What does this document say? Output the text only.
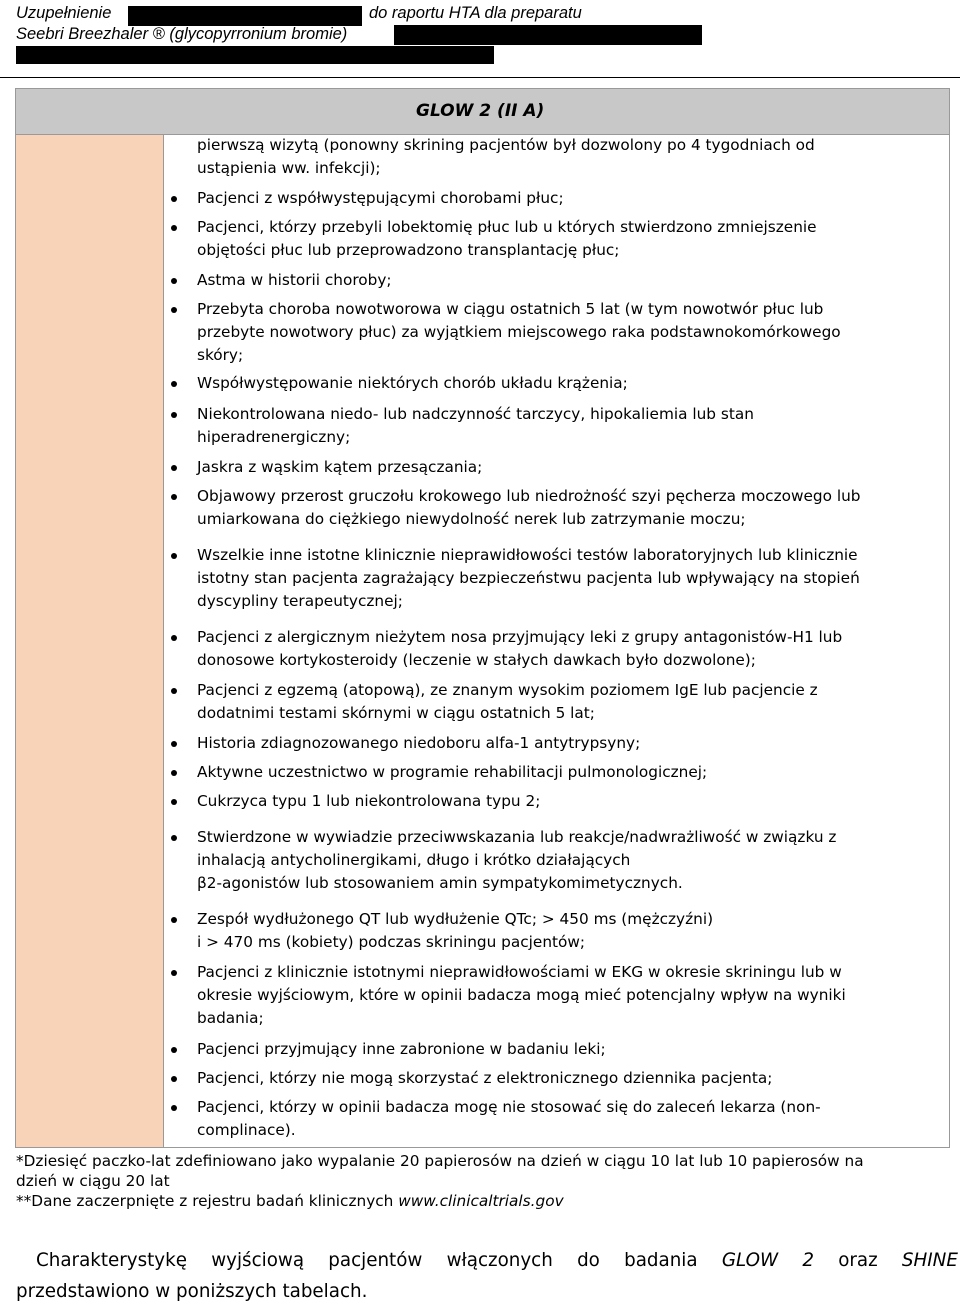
Uzupełnienie	do raportu HTA dla preparatu
Seebri Breezhaler ® (glycopyrronium bromie)
GLOW 2 (II A)
pierwszą wizytą (ponowny skrining pacjentów był dozwolony po 4 tygodniach od
ustąpienia ww. infekcji);
Pacjenci z współwystępującymi chorobami płuc;
Pacjenci, którzy przebyli lobektomię płuc lub u których stwierdzono zmniejszenie
objętości płuc lub przeprowadzono transplantację płuc;
Astma w historii choroby;
Przebyta choroba nowotworowa w ciągu ostatnich 5 lat (w tym nowotwór płuc lub
przebyte nowotwory płuc) za wyjątkiem miejscowego raka podstawnokomórkowego
skóry;
Współwystępowanie niektórych chorób układu krążenia;
Niekontrolowana niedo- lub nadczynność tarczycy, hipokaliemia lub stan
hiperadrenergiczny;
Jaskra z wąskim kątem przesączania;
Objawowy przerost gruczołu krokowego lub niedrożność szyi pęcherza moczowego lub
umiarkowana do ciężkiego niewydolność nerek lub zatrzymanie moczu;
Wszelkie inne istotne klinicznie nieprawidłowości testów laboratoryjnych lub klinicznie
istotny stan pacjenta zagrażający bezpieczeństwu pacjenta lub wpływający na stopień
dyscypliny terapeutycznej;
Pacjenci z alergicznym nieżytem nosa przyjmujący leki z grupy antagonistów-H1 lub
donosowe kortykosteroidy (leczenie w stałych dawkach było dozwolone);
Pacjenci z egzemą (atopową), ze znanym wysokim poziomem IgE lub pacjencie z
dodatnimi testami skórnymi w ciągu ostatnich 5 lat;
Historia zdiagnozowanego niedoboru alfa-1 antytrypsyny;
Aktywne uczestnictwo w programie rehabilitacji pulmonologicznej;
Cukrzyca typu 1 lub niekontrolowana typu 2;
Stwierdzone w wywiadzie przeciwwskazania lub reakcje/nadwrażliwość w związku z
inhalacją antycholinergikami, długo i krótko działających
β2-agonistów lub stosowaniem amin sympatykomimetycznych.
Zespół wydłużonego QT lub wydłużenie QTc; > 450 ms (mężczyźni)
i > 470 ms (kobiety) podczas skriningu pacjentów;
Pacjenci z klinicznie istotnymi nieprawidłowościami w EKG w okresie skriningu lub w
okresie wyjściowym, które w opinii badacza mogą mieć potencjalny wpływ na wyniki
badania;
Pacjenci przyjmujący inne zabronione w badaniu leki;
Pacjenci, którzy nie mogą skorzystać z elektronicznego dziennika pacjenta;
Pacjenci, którzy w opinii badacza mogę nie stosować się do zaleceń lekarza (non-
complinace).
*Dziesięć paczko-lat zdefiniowano jako wypalanie 20 papierosów na dzień w ciągu 10 lat lub 10 papierosów na
dzień w ciągu 20 lat
**Dane zaczerpnięte z rejestru badań klinicznych www.clinicaltrials.gov
Charakterystykę wyjściową pacjentów włączonych do badania GLOW 2 oraz SHINE
przedstawiono w poniższych tabelach.
